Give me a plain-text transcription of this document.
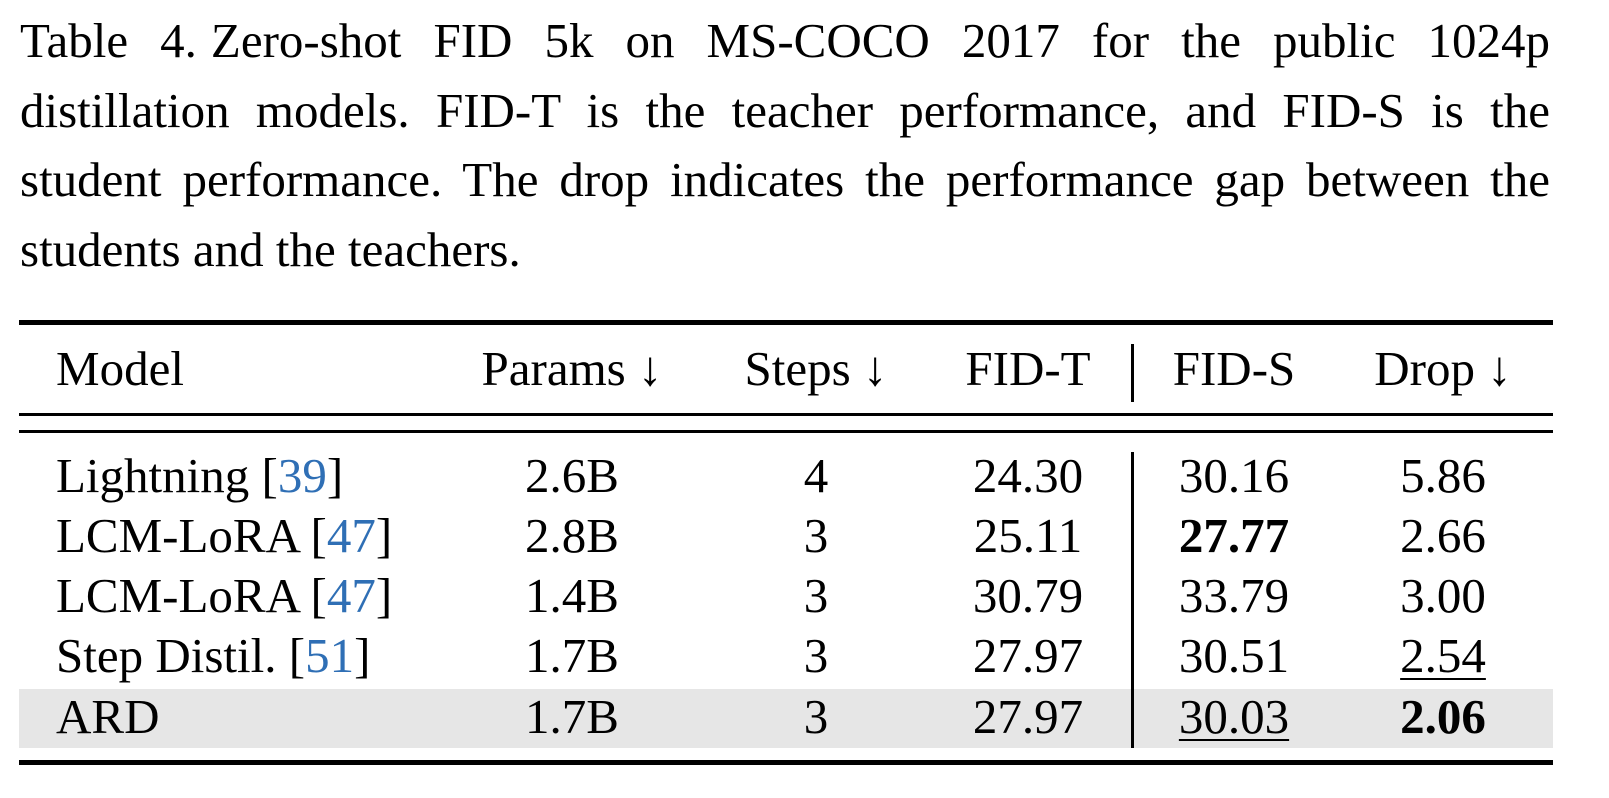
Table 4. Zero-shot FID 5k on MS-COCO 2017 for the public 1024p distillation models. FID-T is the teacher performance, and FID-S is the student performance. The drop indicates the performance gap between the students and the teachers.
Model	Params ↓	Steps ↓	FID-T	FID-S	Drop ↓
Lightning [39]	2.6B	4	24.30	30.16	5.86
LCM-LoRA [47]	2.8B	3	25.11	27.77	2.66
LCM-LoRA [47]	1.4B	3	30.79	33.79	3.00
Step Distil. [51]	1.7B	3	27.97	30.51	2.54
ARD	1.7B	3	27.97	30.03	2.06
